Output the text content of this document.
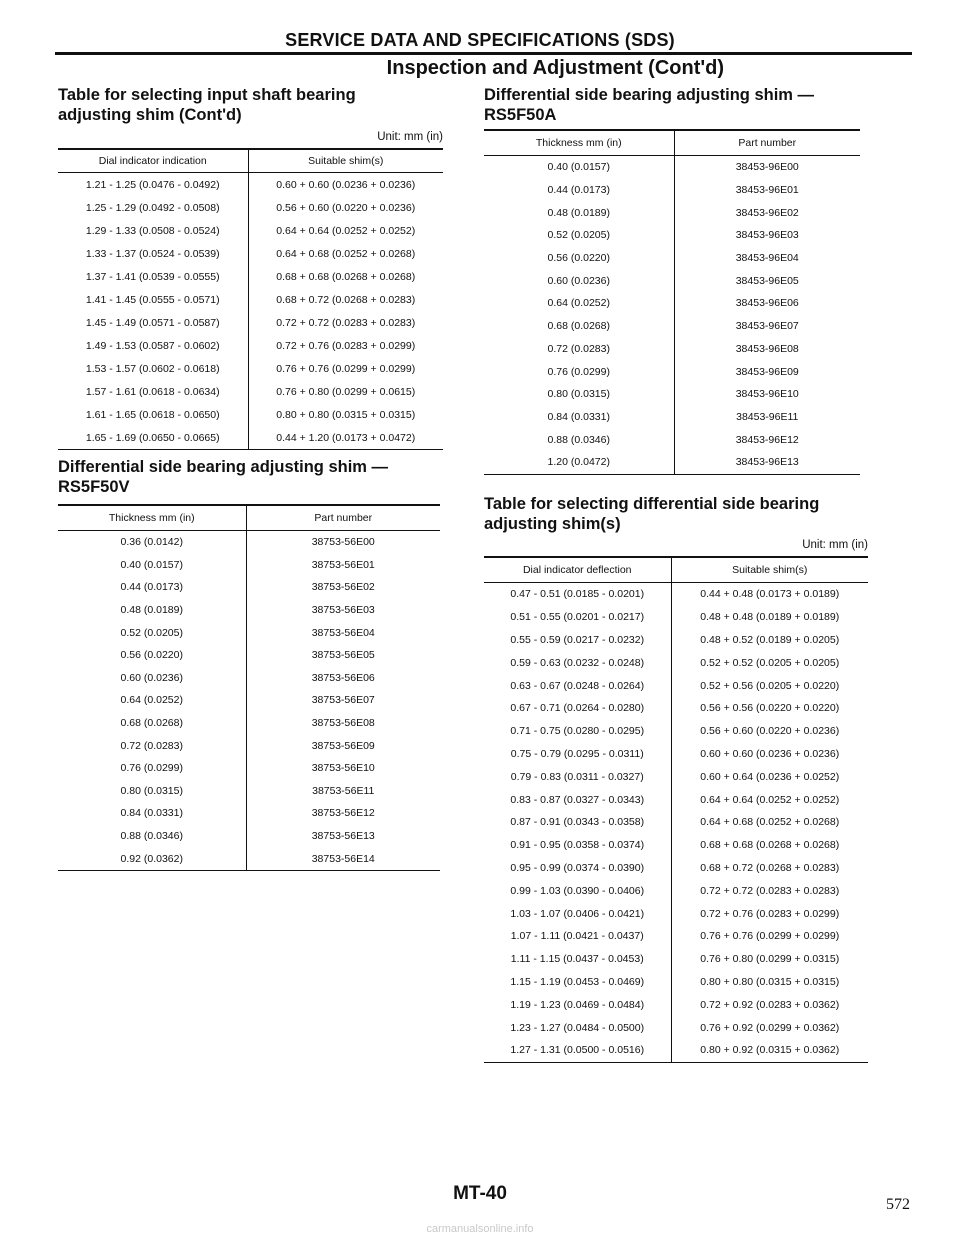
SERVICE DATA AND SPECIFICATIONS (SDS)
Inspection and Adjustment (Cont'd)
Table for selecting input shaft bearing
adjusting shim (Cont'd)
Unit: mm (in)
Dial indicator indication	Suitable shim(s)
1.21 - 1.25 (0.0476 - 0.0492)	0.60 + 0.60 (0.0236 + 0.0236)
1.25 - 1.29 (0.0492 - 0.0508)	0.56 + 0.60 (0.0220 + 0.0236)
1.29 - 1.33 (0.0508 - 0.0524)	0.64 + 0.64 (0.0252 + 0.0252)
1.33 - 1.37 (0.0524 - 0.0539)	0.64 + 0.68 (0.0252 + 0.0268)
1.37 - 1.41 (0.0539 - 0.0555)	0.68 + 0.68 (0.0268 + 0.0268)
1.41 - 1.45 (0.0555 - 0.0571)	0.68 + 0.72 (0.0268 + 0.0283)
1.45 - 1.49 (0.0571 - 0.0587)	0.72 + 0.72 (0.0283 + 0.0283)
1.49 - 1.53 (0.0587 - 0.0602)	0.72 + 0.76 (0.0283 + 0.0299)
1.53 - 1.57 (0.0602 - 0.0618)	0.76 + 0.76 (0.0299 + 0.0299)
1.57 - 1.61 (0.0618 - 0.0634)	0.76 + 0.80 (0.0299 + 0.0615)
1.61 - 1.65 (0.0618 - 0.0650)	0.80 + 0.80 (0.0315 + 0.0315)
1.65 - 1.69 (0.0650 - 0.0665)	0.44 + 1.20 (0.0173 + 0.0472)
Differential side bearing adjusting shim —
RS5F50V
Thickness mm (in)	Part number
0.36 (0.0142)	38753-56E00
0.40 (0.0157)	38753-56E01
0.44 (0.0173)	38753-56E02
0.48 (0.0189)	38753-56E03
0.52 (0.0205)	38753-56E04
0.56 (0.0220)	38753-56E05
0.60 (0.0236)	38753-56E06
0.64 (0.0252)	38753-56E07
0.68 (0.0268)	38753-56E08
0.72 (0.0283)	38753-56E09
0.76 (0.0299)	38753-56E10
0.80 (0.0315)	38753-56E11
0.84 (0.0331)	38753-56E12
0.88 (0.0346)	38753-56E13
0.92 (0.0362)	38753-56E14
Differential side bearing adjusting shim —
RS5F50A
Thickness mm (in)	Part number
0.40 (0.0157)	38453-96E00
0.44 (0.0173)	38453-96E01
0.48 (0.0189)	38453-96E02
0.52 (0.0205)	38453-96E03
0.56 (0.0220)	38453-96E04
0.60 (0.0236)	38453-96E05
0.64 (0.0252)	38453-96E06
0.68 (0.0268)	38453-96E07
0.72 (0.0283)	38453-96E08
0.76 (0.0299)	38453-96E09
0.80 (0.0315)	38453-96E10
0.84 (0.0331)	38453-96E11
0.88 (0.0346)	38453-96E12
1.20 (0.0472)	38453-96E13
Table for selecting differential side bearing
adjusting shim(s)
Unit: mm (in)
Dial indicator deflection	Suitable shim(s)
0.47 - 0.51 (0.0185 - 0.0201)	0.44 + 0.48 (0.0173 + 0.0189)
0.51 - 0.55 (0.0201 - 0.0217)	0.48 + 0.48 (0.0189 + 0.0189)
0.55 - 0.59 (0.0217 - 0.0232)	0.48 + 0.52 (0.0189 + 0.0205)
0.59 - 0.63 (0.0232 - 0.0248)	0.52 + 0.52 (0.0205 + 0.0205)
0.63 - 0.67 (0.0248 - 0.0264)	0.52 + 0.56 (0.0205 + 0.0220)
0.67 - 0.71 (0.0264 - 0.0280)	0.56 + 0.56 (0.0220 + 0.0220)
0.71 - 0.75 (0.0280 - 0.0295)	0.56 + 0.60 (0.0220 + 0.0236)
0.75 - 0.79 (0.0295 - 0.0311)	0.60 + 0.60 (0.0236 + 0.0236)
0.79 - 0.83 (0.0311 - 0.0327)	0.60 + 0.64 (0.0236 + 0.0252)
0.83 - 0.87 (0.0327 - 0.0343)	0.64 + 0.64 (0.0252 + 0.0252)
0.87 - 0.91 (0.0343 - 0.0358)	0.64 + 0.68 (0.0252 + 0.0268)
0.91 - 0.95 (0.0358 - 0.0374)	0.68 + 0.68 (0.0268 + 0.0268)
0.95 - 0.99 (0.0374 - 0.0390)	0.68 + 0.72 (0.0268 + 0.0283)
0.99 - 1.03 (0.0390 - 0.0406)	0.72 + 0.72 (0.0283 + 0.0283)
1.03 - 1.07 (0.0406 - 0.0421)	0.72 + 0.76 (0.0283 + 0.0299)
1.07 - 1.11 (0.0421 - 0.0437)	0.76 + 0.76 (0.0299 + 0.0299)
1.11 - 1.15 (0.0437 - 0.0453)	0.76 + 0.80 (0.0299 + 0.0315)
1.15 - 1.19 (0.0453 - 0.0469)	0.80 + 0.80 (0.0315 + 0.0315)
1.19 - 1.23 (0.0469 - 0.0484)	0.72 + 0.92 (0.0283 + 0.0362)
1.23 - 1.27 (0.0484 - 0.0500)	0.76 + 0.92 (0.0299 + 0.0362)
1.27 - 1.31 (0.0500 - 0.0516)	0.80 + 0.92 (0.0315 + 0.0362)
MT-40
572
carmanualsonline.info
